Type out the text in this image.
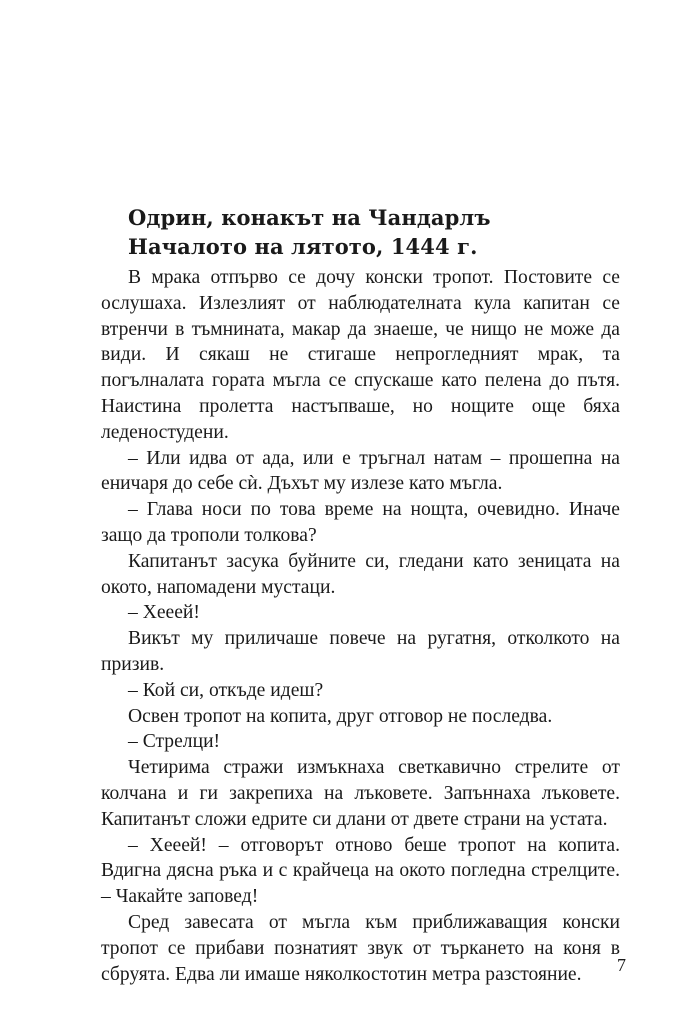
Одрин, конакът на Чандарлъ
Началото на лятото, 1444 г.

В мрака отпърво се дочу конски тропот. Постовите се ослушаха. Излезлият от наблюдателната кула капитан се втренчи в тъмнината, макар да знаеше, че нищо не може да види. И сякаш не стигаше непрогледният мрак, та погълналата гората мъгла се спускаше като пелена до пътя. Наистина пролетта настъпваше, но нощите още бяха леденостудени.

– Или идва от ада, или е тръгнал натам – прошепна на еничаря до себе сѝ. Дъхът му излезе като мъгла.

– Глава носи по това време на нощта, очевидно. Иначе защо да трополи толкова?

Капитанът засука буйните си, гледани като зеницата на окото, напомадени мустаци.

– Хееей!

Викът му приличаше повече на ругатня, отколкото на призив.

– Кой си, откъде идеш?

Освен тропот на копита, друг отговор не последва.

– Стрелци!

Четирима стражи измъкнаха светкавично стрелите от колчана и ги закрепиха на лъковете. Запъннаха лъковете. Капитанът сложи едрите си длани от двете страни на устата.

– Хееей! – отговорът отново беше тропот на копита. Вдигна дясна ръка и с крайчеца на окото погледна стрелците. – Чакайте заповед!

Сред завесата от мъгла към приближаващия конски тропот се прибави познатият звук от търкането на коня в сбруята. Едва ли имаше няколкостотин метра разстояние.	7
